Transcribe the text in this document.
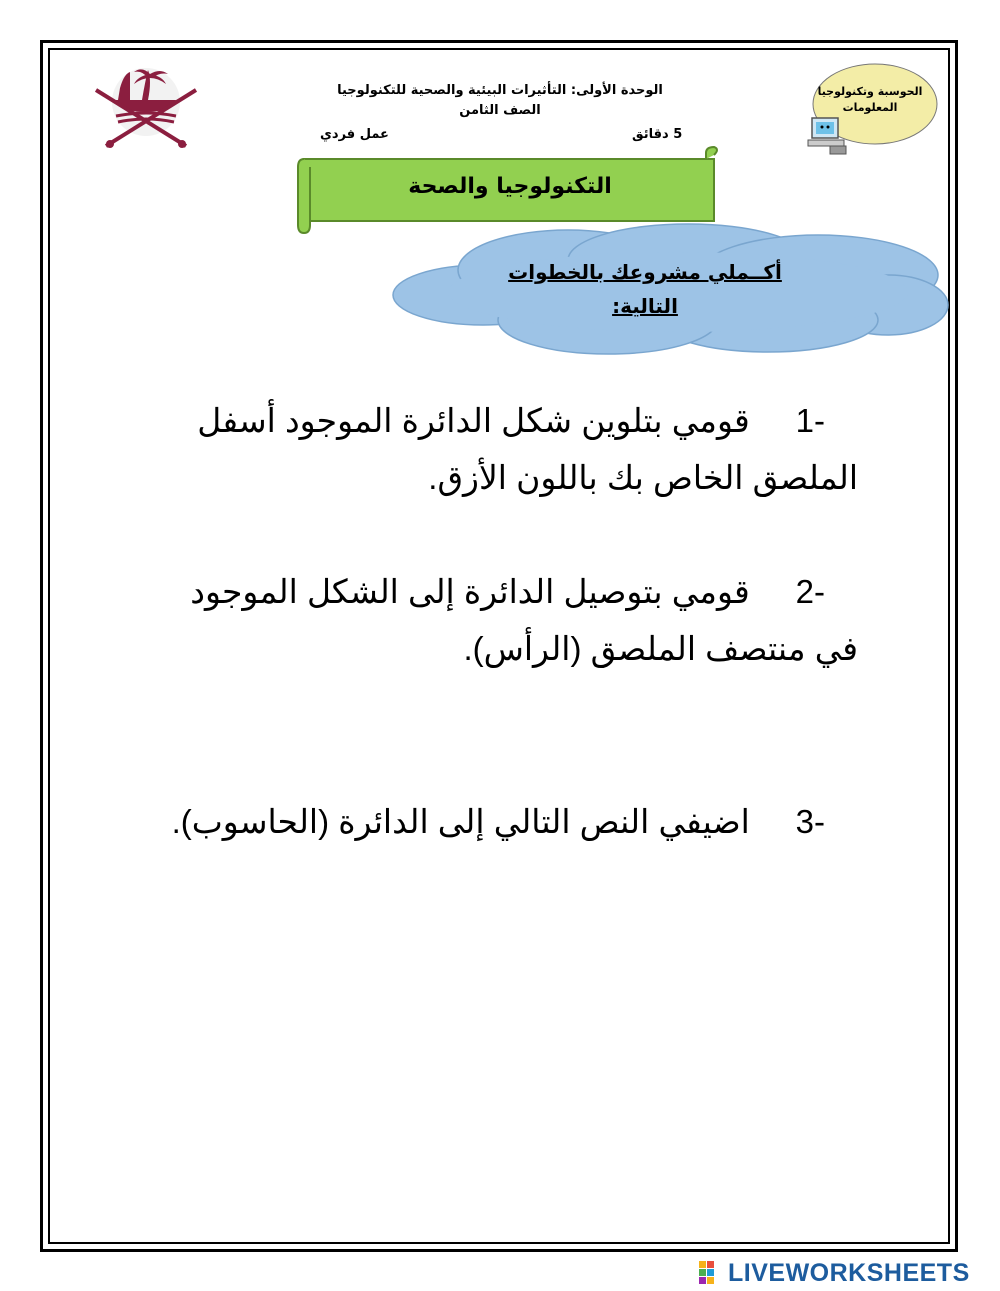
الوحدة الأولى: التأثيرات البيئية والصحية للتكنولوجيا
الصف الثامن
5 دقائق
عمل فردي
الحوسبة وتكنولوجيا
المعلومات
التكنولوجيا والصحة
أكــملي مشروعك بالخطوات
التالية:
-1     قومي بتلوين شكل الدائرة الموجود أسفل
الملصق الخاص بك باللون الأزق.
-2     قومي بتوصيل الدائرة إلى الشكل الموجود
في منتصف الملصق (الرأس).
-3     اضيفي النص التالي إلى الدائرة (الحاسوب).
LIVEWORKSHEETS
